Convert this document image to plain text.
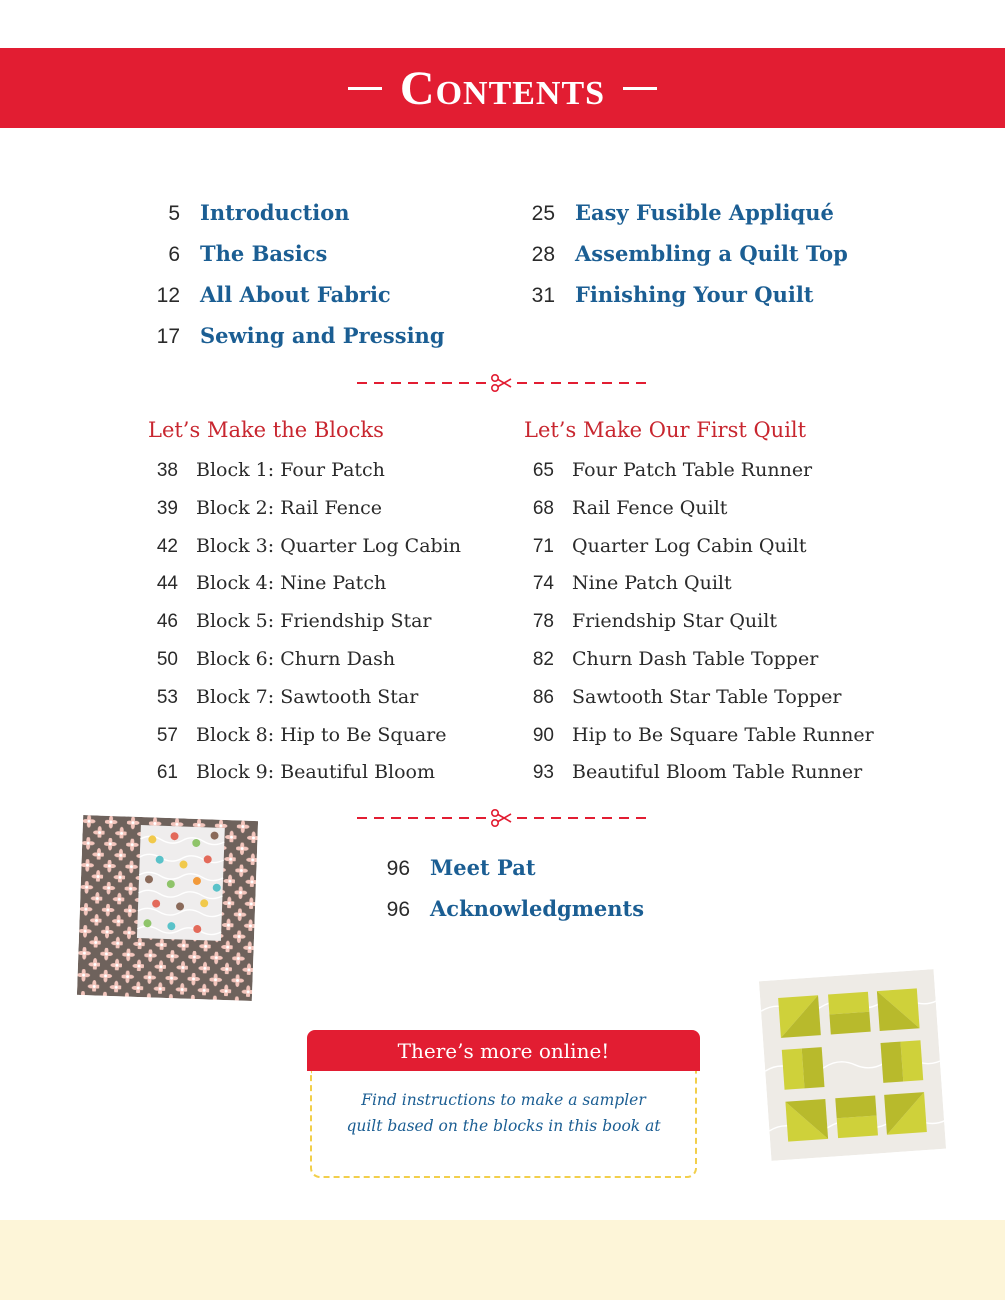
Contents
5 Introduction
6 The Basics
12 All About Fabric
17 Sewing and Pressing
25 Easy Fusible Appliqué
28 Assembling a Quilt Top
31 Finishing Your Quilt
Let’s Make the Blocks	Let’s Make Our First Quilt
38 Block 1: Four Patch
39 Block 2: Rail Fence
42 Block 3: Quarter Log Cabin
44 Block 4: Nine Patch
46 Block 5: Friendship Star
50 Block 6: Churn Dash
53 Block 7: Sawtooth Star
57 Block 8: Hip to Be Square
61 Block 9: Beautiful Bloom
65 Four Patch Table Runner
68 Rail Fence Quilt
71 Quarter Log Cabin Quilt
74 Nine Patch Quilt
78 Friendship Star Quilt
82 Churn Dash Table Topper
86 Sawtooth Star Table Topper
90 Hip to Be Square Table Runner
93 Beautiful Bloom Table Runner
96 Meet Pat
96 Acknowledgments
There’s more online!
Find instructions to make a sampler
quilt based on the blocks in this book at
